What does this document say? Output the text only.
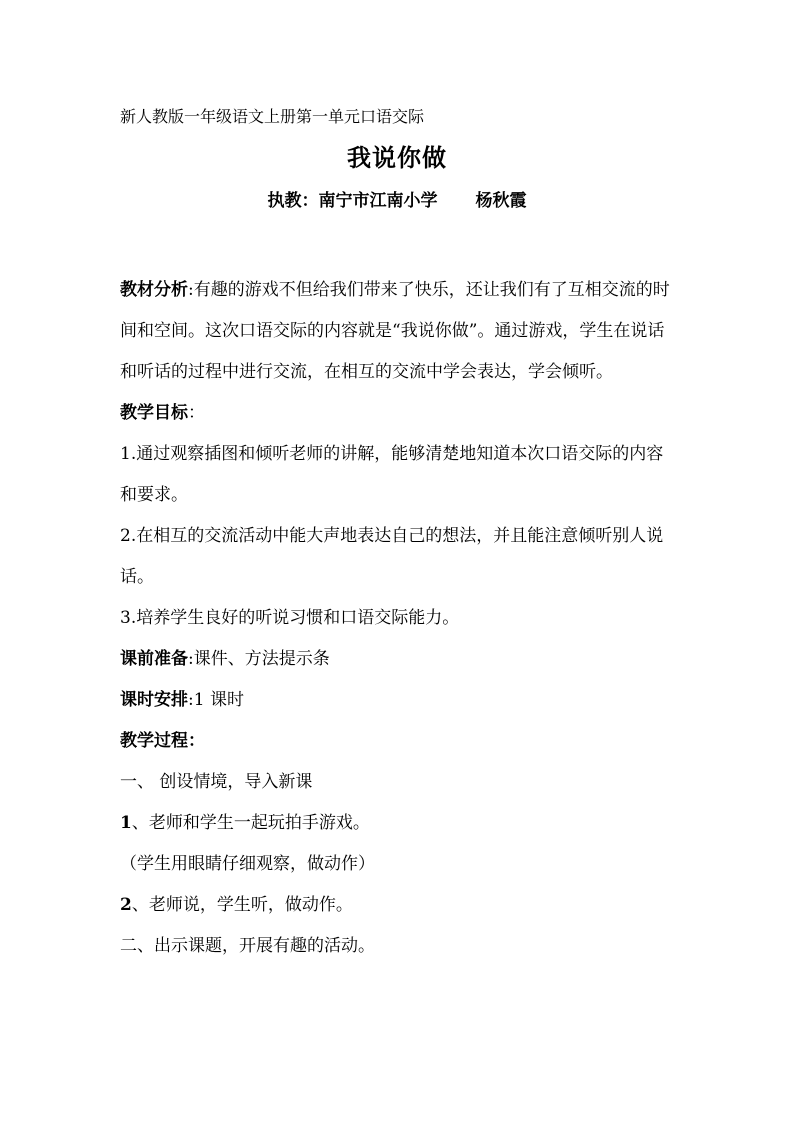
新人教版一年级语文上册第一单元口语交际
我说你做
执教：南宁市江南小学 杨秋霞

教材分析:有趣的游戏不但给我们带来了快乐，还让我们有了互相交流的时间和空间。这次口语交际的内容就是“我说你做”。通过游戏，学生在说话和听话的过程中进行交流，在相互的交流中学会表达，学会倾听。

教学目标：

1.通过观察插图和倾听老师的讲解，能够清楚地知道本次口语交际的内容和要求。

2.在相互的交流活动中能大声地表达自己的想法，并且能注意倾听别人说话。

3.培养学生良好的听说习惯和口语交际能力。

课前准备:课件、方法提示条

课时安排:1 课时

教学过程：

一、 创设情境，导入新课

1、老师和学生一起玩拍手游戏。

（学生用眼睛仔细观察，做动作）

2、老师说，学生听，做动作。

二、出示课题，开展有趣的活动。
